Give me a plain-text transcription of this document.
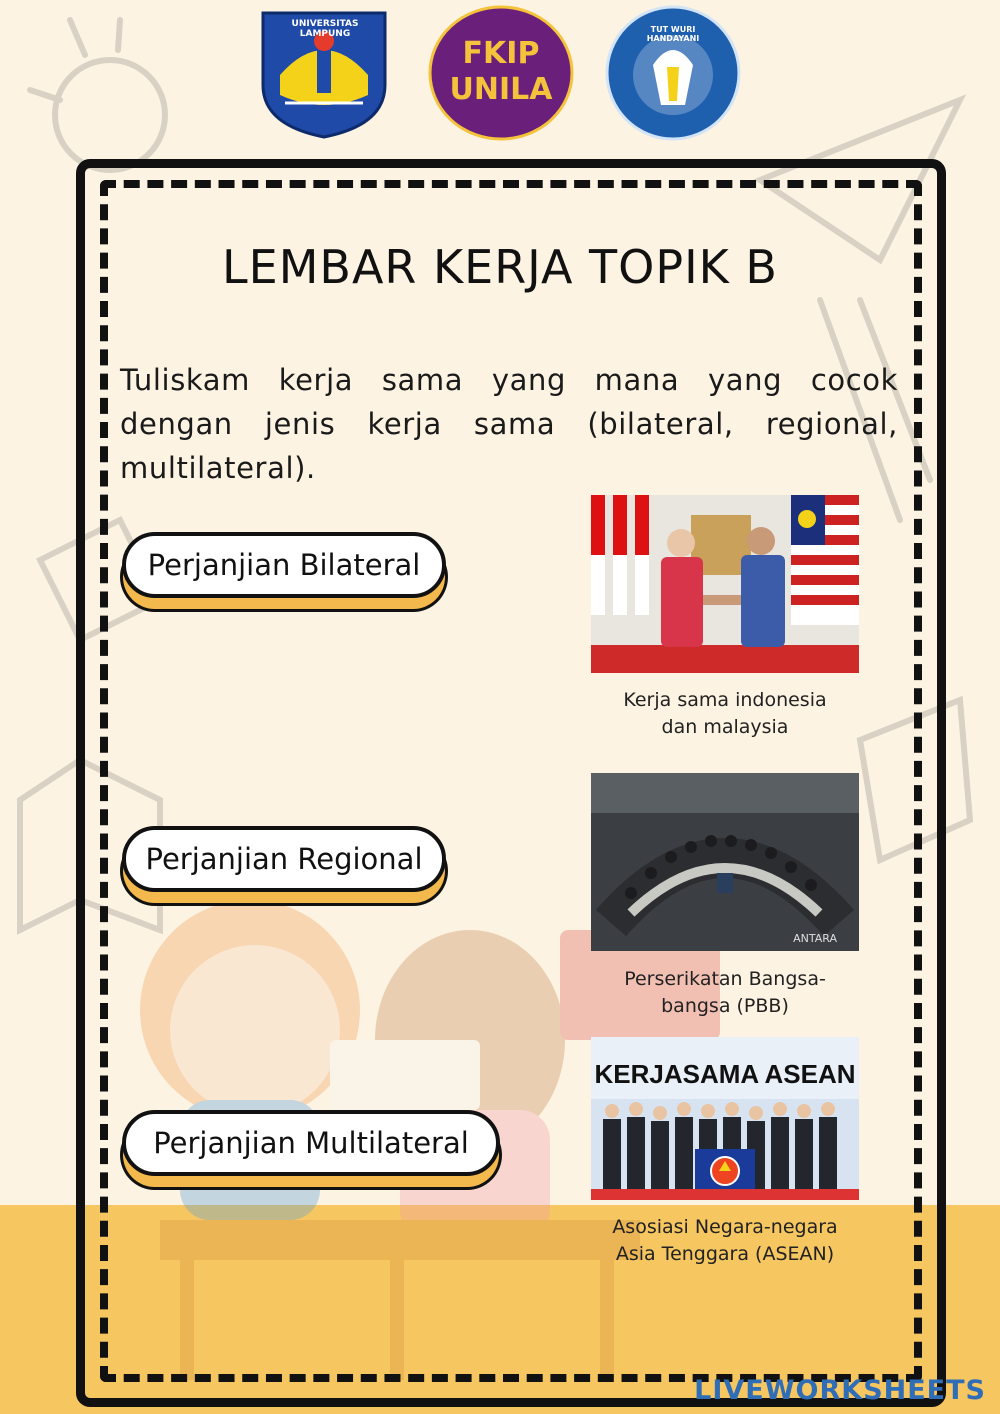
UNIVERSITAS LAMPUNG
FKIP
UNILA
TUT WURI HANDAYANI
LEMBAR KERJA TOPIK B

Tuliskam kerja sama yang mana yang cocok dengan jenis kerja sama (bilateral, regional, multilateral).

Perjanjian Bilateral
Perjanjian Regional
Perjanjian Multilateral
Kerja sama indonesia
dan malaysia
ANTARA
Perserikatan Bangsa-
bangsa (PBB)
KERJASAMA ASEAN
Asosiasi Negara-negara
Asia Tenggara (ASEAN)
LIVEWORKSHEETS
